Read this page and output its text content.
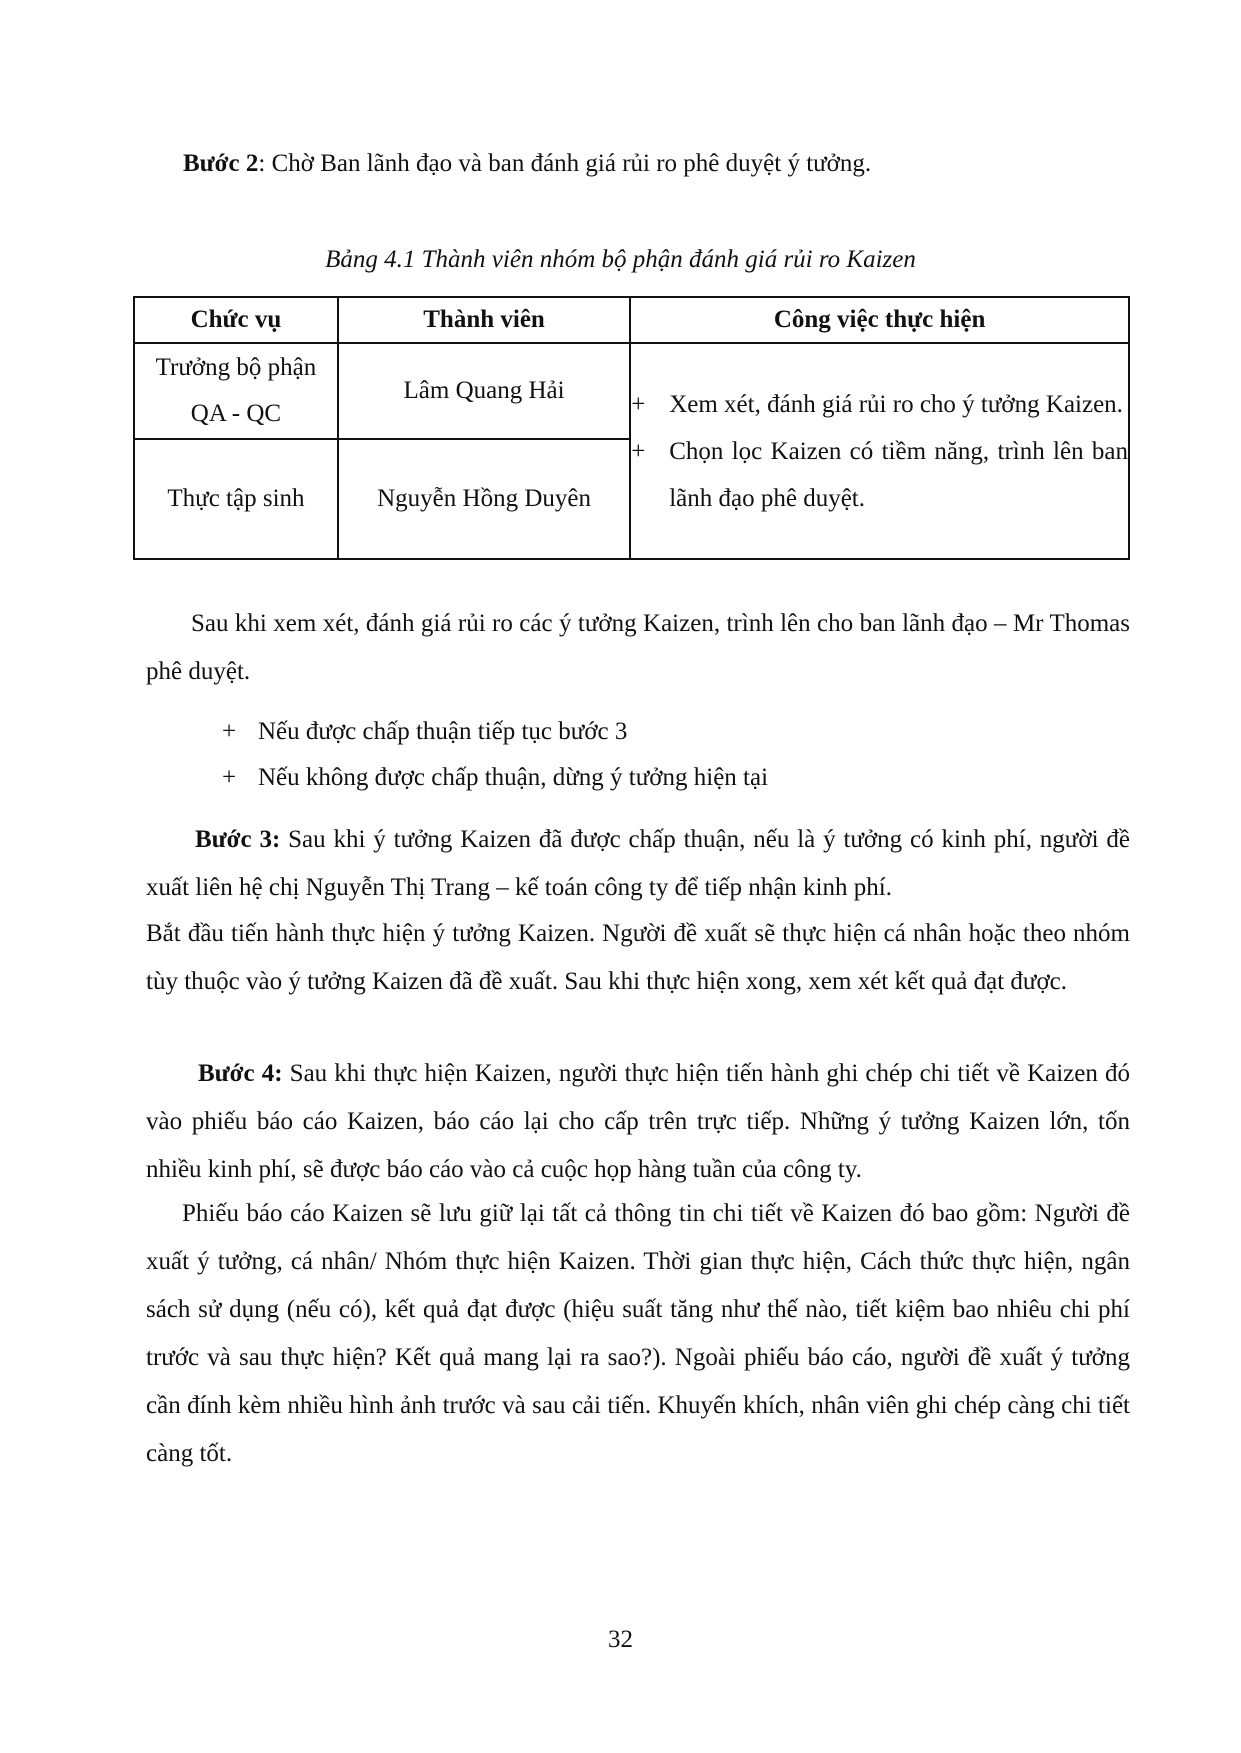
Bước 2: Chờ Ban lãnh đạo và ban đánh giá rủi ro phê duyệt ý tưởng.

Bảng 4.1 Thành viên nhóm bộ phận đánh giá rủi ro Kaizen
Chức vụ	Thành viên	Công việc thực hiện

Trưởng bộ phận QA - QC	Lâm Quang Hải	+ Xem xét, đánh giá rủi ro cho ý tưởng Kaizen.
+ Chọn lọc Kaizen có tiềm năng, trình lên ban lãnh đạo phê duyệt.

Thực tập sinh	Nguyễn Hồng Duyên	

Sau khi xem xét, đánh giá rủi ro các ý tưởng Kaizen, trình lên cho ban lãnh đạo – Mr Thomas phê duyệt.

+ Nếu được chấp thuận tiếp tục bước 3
+ Nếu không được chấp thuận, dừng ý tưởng hiện tại

Bước 3: Sau khi ý tưởng Kaizen đã được chấp thuận, nếu là ý tưởng có kinh phí, người đề xuất liên hệ chị Nguyễn Thị Trang – kế toán công ty để tiếp nhận kinh phí.

Bắt đầu tiến hành thực hiện ý tưởng Kaizen. Người đề xuất sẽ thực hiện cá nhân hoặc theo nhóm tùy thuộc vào ý tưởng Kaizen đã đề xuất. Sau khi thực hiện xong, xem xét kết quả đạt được.

Bước 4: Sau khi thực hiện Kaizen, người thực hiện tiến hành ghi chép chi tiết về Kaizen đó vào phiếu báo cáo Kaizen, báo cáo lại cho cấp trên trực tiếp. Những ý tưởng Kaizen lớn, tốn nhiều kinh phí, sẽ được báo cáo vào cả cuộc họp hàng tuần của công ty.

Phiếu báo cáo Kaizen sẽ lưu giữ lại tất cả thông tin chi tiết về Kaizen đó bao gồm: Người đề xuất ý tưởng, cá nhân/ Nhóm thực hiện Kaizen. Thời gian thực hiện, Cách thức thực hiện, ngân sách sử dụng (nếu có), kết quả đạt được (hiệu suất tăng như thế nào, tiết kiệm bao nhiêu chi phí trước và sau thực hiện? Kết quả mang lại ra sao?). Ngoài phiếu báo cáo, người đề xuất ý tưởng cần đính kèm nhiều hình ảnh trước và sau cải tiến. Khuyến khích, nhân viên ghi chép càng chi tiết càng tốt.

32
